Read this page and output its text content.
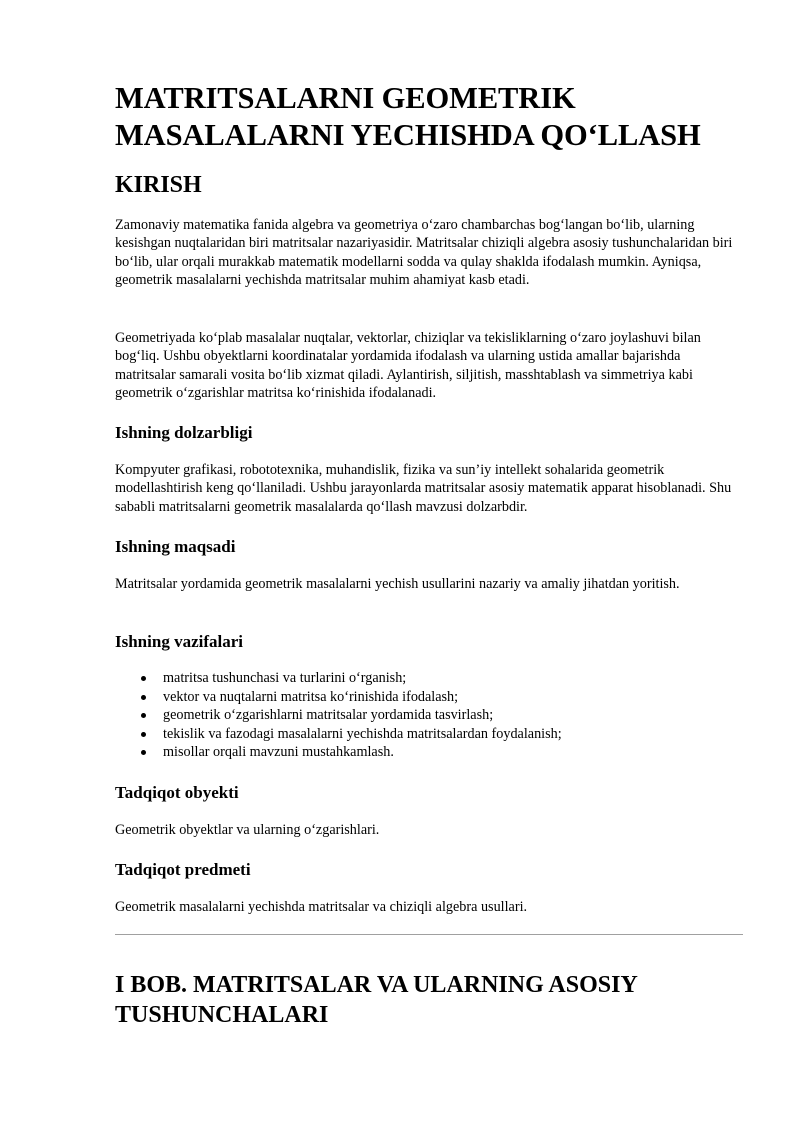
MATRITSALARNI GEOMETRIK MASALALARNI YECHISHDA QO‘LLASH
KIRISH

Zamonaviy matematika fanida algebra va geometriya o‘zaro chambarchas bog‘langan bo‘lib, ularning kesishgan nuqtalaridan biri matritsalar nazariyasidir. Matritsalar chiziqli algebra asosiy tushunchalaridan biri bo‘lib, ular orqali murakkab matematik modellarni sodda va qulay shaklda ifodalash mumkin. Ayniqsa, geometrik masalalarni yechishda matritsalar muhim ahamiyat kasb etadi.

Geometriyada ko‘plab masalalar nuqtalar, vektorlar, chiziqlar va tekisliklarning o‘zaro joylashuvi bilan bog‘liq. Ushbu obyektlarni koordinatalar yordamida ifodalash va ularning ustida amallar bajarishda matritsalar samarali vosita bo‘lib xizmat qiladi. Aylantirish, siljitish, masshtablash va simmetriya kabi geometrik o‘zgarishlar matritsa ko‘rinishida ifodalanadi.

Ishning dolzarbligi

Kompyuter grafikasi, robototexnika, muhandislik, fizika va sun’iy intellekt sohalarida geometrik modellashtirish keng qo‘llaniladi. Ushbu jarayonlarda matritsalar asosiy matematik apparat hisoblanadi. Shu sababli matritsalarni geometrik masalalarda qo‘llash mavzusi dolzarbdir.

Ishning maqsadi

Matritsalar yordamida geometrik masalalarni yechish usullarini nazariy va amaliy jihatdan yoritish.

Ishning vazifalari
matritsa tushunchasi va turlarini o‘rganish;
vektor va nuqtalarni matritsa ko‘rinishida ifodalash;
geometrik o‘zgarishlarni matritsalar yordamida tasvirlash;
tekislik va fazodagi masalalarni yechishda matritsalardan foydalanish;
misollar orqali mavzuni mustahkamlash.
Tadqiqot obyekti

Geometrik obyektlar va ularning o‘zgarishlari.

Tadqiqot predmeti

Geometrik masalalarni yechishda matritsalar va chiziqli algebra usullari.

I BOB. MATRITSALAR VA ULARNING ASOSIY TUSHUNCHALARI
